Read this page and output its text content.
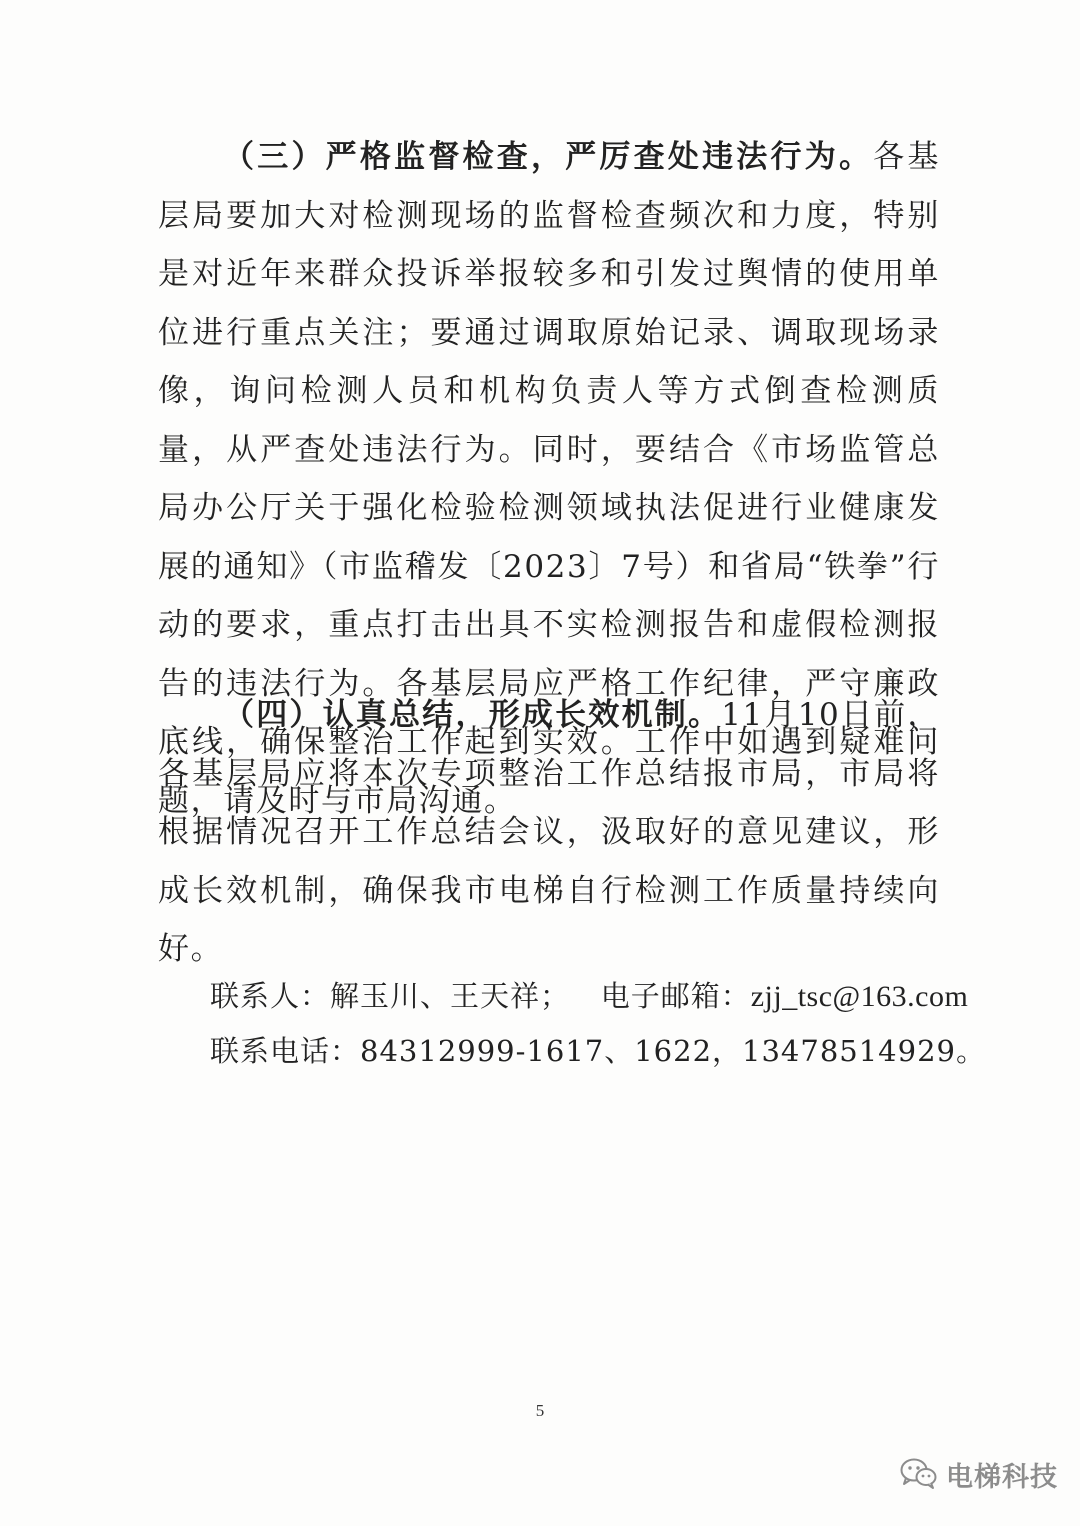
（三）严格监督检查，严厉查处违法行为。各基层局要加大对检测现场的监督检查频次和力度，特别是对近年来群众投诉举报较多和引发过舆情的使用单位进行重点关注；要通过调取原始记录、调取现场录像，询问检测人员和机构负责人等方式倒查检测质量，从严查处违法行为。同时，要结合《市场监管总局办公厅关于强化检验检测领域执法促进行业健康发展的通知》（市监稽发〔2023〕7号）和省局“铁拳”行动的要求，重点打击出具不实检测报告和虚假检测报告的违法行为。各基层局应严格工作纪律，严守廉政底线，确保整治工作起到实效。工作中如遇到疑难问题，请及时与市局沟通。

（四）认真总结，形成长效机制。11月10日前，各基层局应将本次专项整治工作总结报市局，市局将根据情况召开工作总结会议，汲取好的意见建议，形成长效机制，确保我市电梯自行检测工作质量持续向好。

联系人：解玉川、王天祥； 电子邮箱：zjj_tsc@163.com
联系电话：84312999-1617、1622，13478514929。
5
电梯科技
